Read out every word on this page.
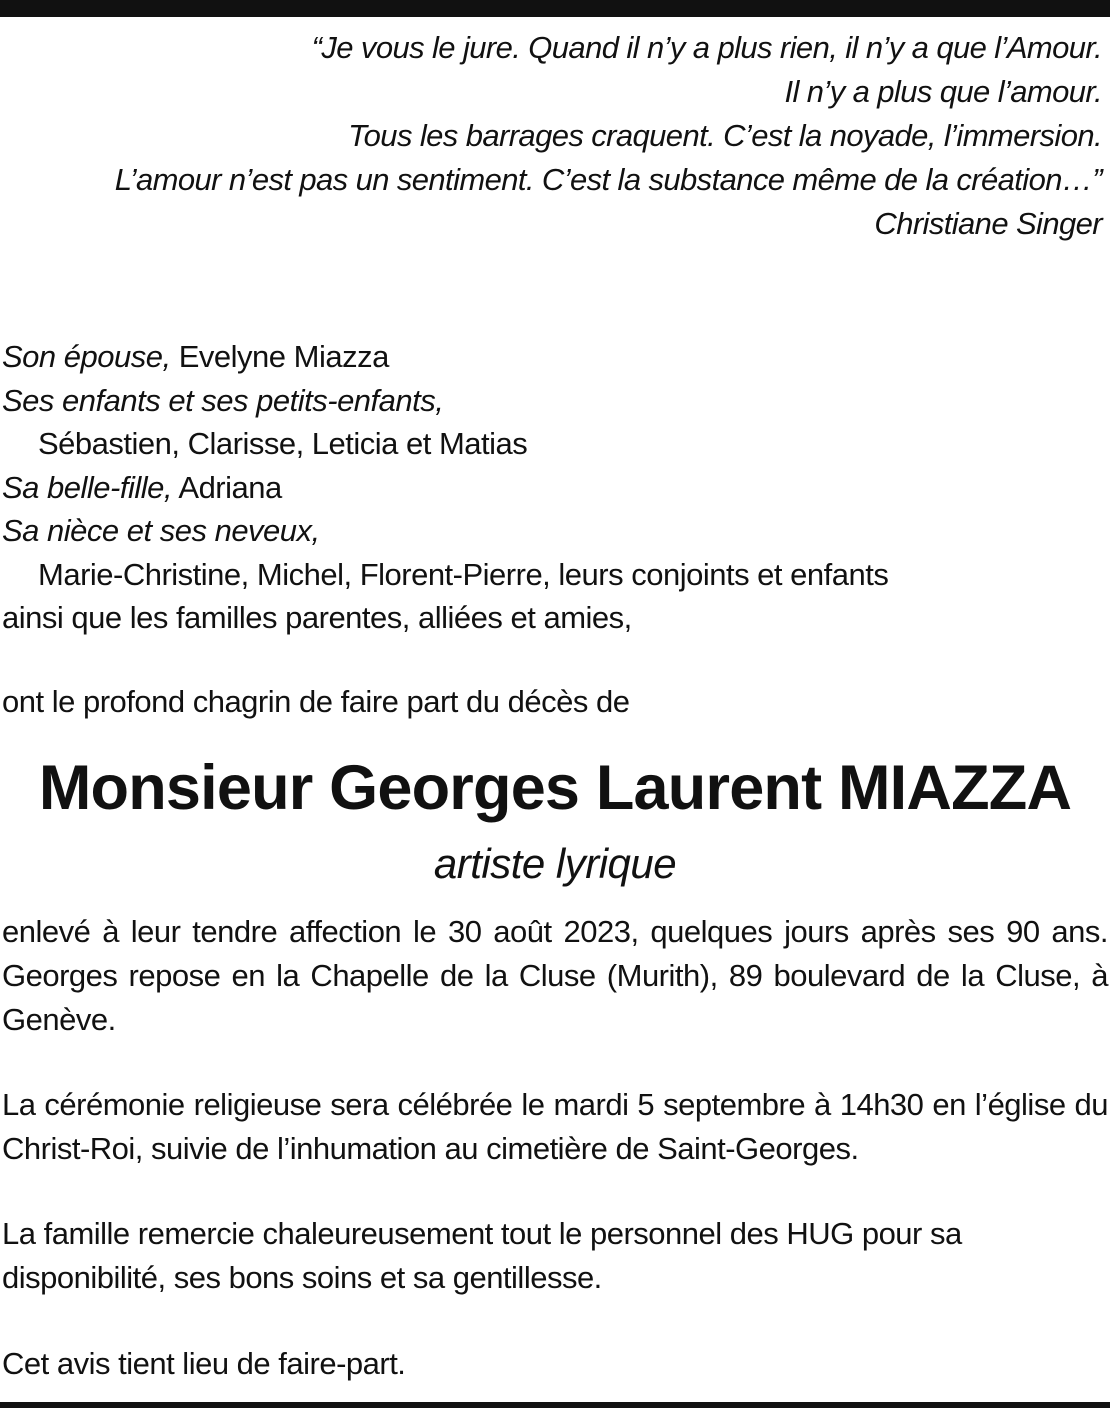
“Je vous le jure. Quand il n’y a plus rien, il n’y a que l’Amour.
Il n’y a plus que l’amour.
Tous les barrages craquent. C’est la noyade, l’immersion.
L’amour n’est pas un sentiment. C’est la substance même de la création…”
Christiane Singer
Son épouse, Evelyne Miazza
Ses enfants et ses petits-enfants,
Sébastien, Clarisse, Leticia et Matias
Sa belle-fille, Adriana
Sa nièce et ses neveux,
Marie-Christine, Michel, Florent-Pierre, leurs conjoints et enfants
ainsi que les familles parentes, alliées et amies,
ont le profond chagrin de faire part du décès de
Monsieur Georges Laurent MIAZZA
artiste lyrique
enlevé à leur tendre affection le 30 août 2023, quelques jours après ses 90 ans. Georges repose en la Chapelle de la Cluse (Murith), 89 boulevard de la Cluse, à Genève.
La cérémonie religieuse sera célébrée le mardi 5 septembre à 14h30 en l’église du Christ-Roi, suivie de l’inhumation au cimetière de Saint-Georges.
La famille remercie chaleureusement tout le personnel des HUG pour sa disponibilité, ses bons soins et sa gentillesse.
Cet avis tient lieu de faire-part.
